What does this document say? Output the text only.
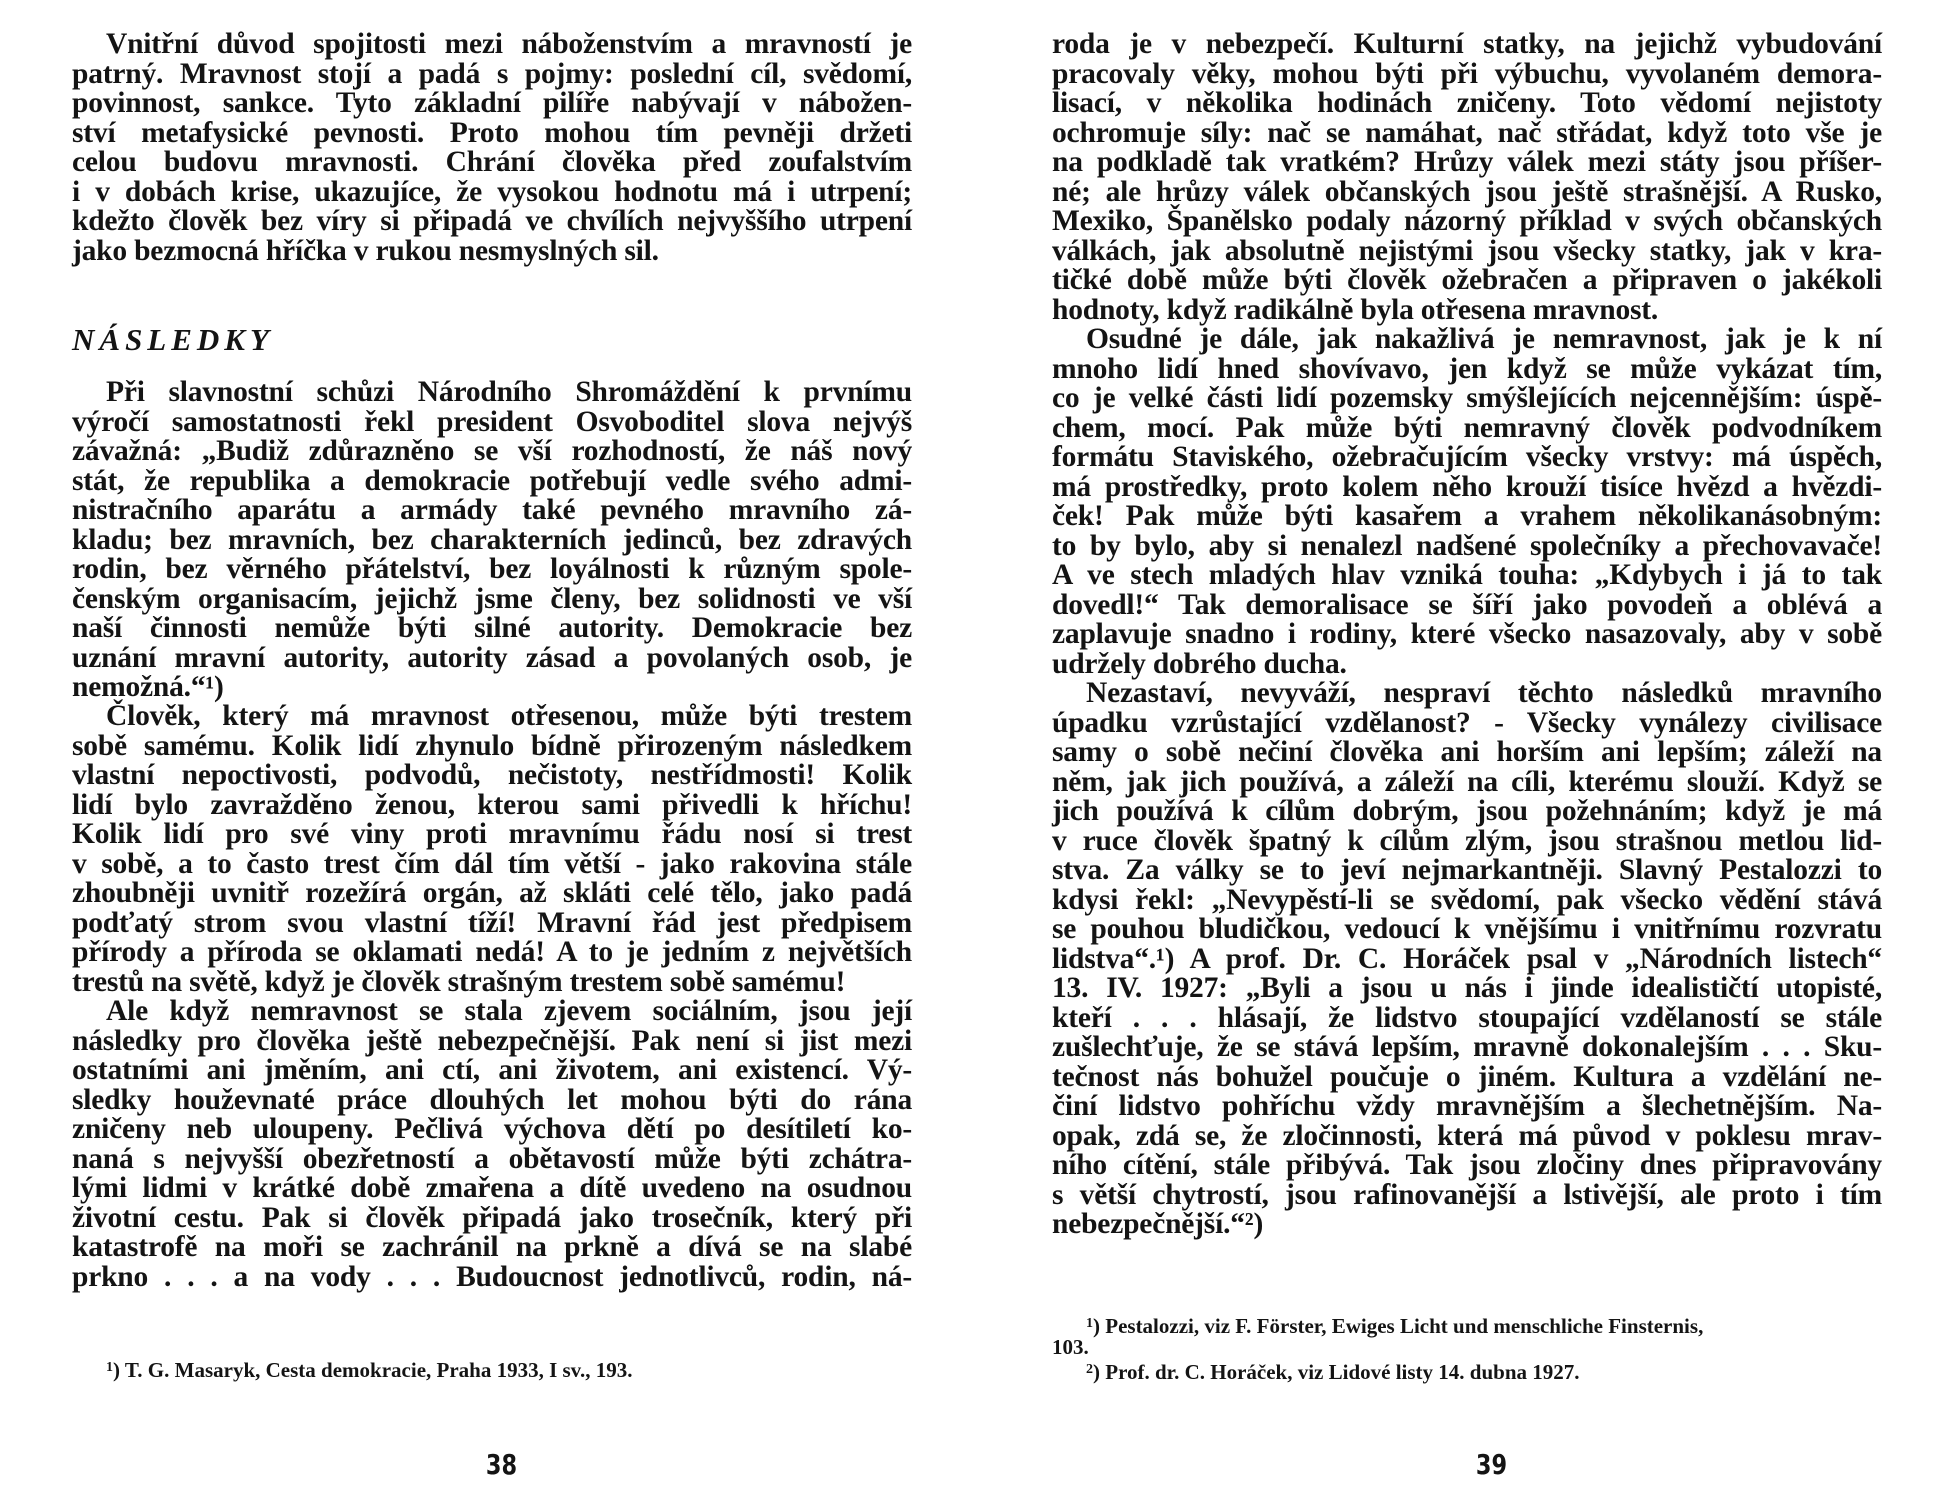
Vnitřní důvod spojitosti mezi náboženstvím a mravností je
patrný. Mravnost stojí a padá s pojmy: poslední cíl, svědomí,
povinnost, sankce. Tyto základní pilíře nabývají v nábožen-
ství metafysické pevnosti. Proto mohou tím pevněji držeti
celou budovu mravnosti. Chrání člověka před zoufalstvím
i v dobách krise, ukazujíce, že vysokou hodnotu má i utrpení;
kdežto člověk bez víry si připadá ve chvílích nejvyššího utrpení
jako bezmocná hříčka v rukou nesmyslných sil.
NÁSLEDKY
Při slavnostní schůzi Národního Shromáždění k prvnímu
výročí samostatnosti řekl president Osvoboditel slova nejvýš
závažná: „Budiž zdůrazněno se vší rozhodností, že náš nový
stát, že republika a demokracie potřebují vedle svého admi-
nistračního aparátu a armády také pevného mravního zá-
kladu; bez mravních, bez charakterních jedinců, bez zdravých
rodin, bez věrného přátelství, bez loyálnosti k různým spole-
čenským organisacím, jejichž jsme členy, bez solidnosti ve vší
naší činnosti nemůže býti silné autority. Demokracie bez
uznání mravní autority, autority zásad a povolaných osob, je
nemožná.“¹)
Člověk, který má mravnost otřesenou, může býti trestem
sobě samému. Kolik lidí zhynulo bídně přirozeným následkem
vlastní nepoctivosti, podvodů, nečistoty, nestřídmosti! Kolik
lidí bylo zavražděno ženou, kterou sami přivedli k hříchu!
Kolik lidí pro své viny proti mravnímu řádu nosí si trest
v sobě, a to často trest čím dál tím větší - jako rakovina stále
zhoubněji uvnitř rozežírá orgán, až skláti celé tělo, jako padá
podťatý strom svou vlastní tíží! Mravní řád jest předpisem
přírody a příroda se oklamati nedá! A to je jedním z největších
trestů na světě, když je člověk strašným trestem sobě samému!
Ale když nemravnost se stala zjevem sociálním, jsou její
následky pro člověka ještě nebezpečnější. Pak není si jist mezi
ostatními ani jměním, ani ctí, ani životem, ani existencí. Vý-
sledky houževnaté práce dlouhých let mohou býti do rána
zničeny neb uloupeny. Pečlivá výchova dětí po desítiletí ko-
naná s nejvyšší obezřetností a obětavostí může býti zchátra-
lými lidmi v krátké době zmařena a dítě uvedeno na osudnou
životní cestu. Pak si člověk připadá jako trosečník, který při
katastrofě na moři se zachránil na prkně a dívá se na slabé
prkno . . . a na vody . . . Budoucnost jednotlivců, rodin, ná-
$^1$) T. G. Masaryk, Cesta demokracie, Praha 1933, I sv., 193.
38
roda je v nebezpečí. Kulturní statky, na jejichž vybudování
pracovaly věky, mohou býti při výbuchu, vyvolaném demora-
lisací, v několika hodinách zničeny. Toto vědomí nejistoty
ochromuje síly: nač se namáhat, nač střádat, když toto vše je
na podkladě tak vratkém? Hrůzy válek mezi státy jsou příšer-
né; ale hrůzy válek občanských jsou ještě strašnější. A Rusko,
Mexiko, Španělsko podaly názorný příklad v svých občanských
válkách, jak absolutně nejistými jsou všecky statky, jak v kra-
tičké době může býti člověk ožebračen a připraven o jakékoli
hodnoty, když radikálně byla otřesena mravnost.
Osudné je dále, jak nakažlivá je nemravnost, jak je k ní
mnoho lidí hned shovívavo, jen když se může vykázat tím,
co je velké části lidí pozemsky smýšlejících nejcennějším: úspě-
chem, mocí. Pak může býti nemravný člověk podvodníkem
formátu Staviského, ožebračujícím všecky vrstvy: má úspěch,
má prostředky, proto kolem něho krouží tisíce hvězd a hvězdi-
ček! Pak může býti kasařem a vrahem několikanásobným:
to by bylo, aby si nenalezl nadšené společníky a přechovavače!
A ve stech mladých hlav vzniká touha: „Kdybych i já to tak
dovedl!“ Tak demoralisace se šíří jako povodeň a oblévá a
zaplavuje snadno i rodiny, které všecko nasazovaly, aby v sobě
udržely dobrého ducha.
Nezastaví, nevyváží, nespraví těchto následků mravního
úpadku vzrůstající vzdělanost? - Všecky vynálezy civilisace
samy o sobě nečiní člověka ani horším ani lepším; záleží na
něm, jak jich používá, a záleží na cíli, kterému slouží. Když se
jich používá k cílům dobrým, jsou požehnáním; když je má
v ruce člověk špatný k cílům zlým, jsou strašnou metlou lid-
stva. Za války se to jeví nejmarkantněji. Slavný Pestalozzi to
kdysi řekl: „Nevypěstí-li se svědomí, pak všecko vědění stává
se pouhou bludičkou, vedoucí k vnějšímu i vnitřnímu rozvratu
lidstva“.¹) A prof. Dr. C. Horáček psal v „Národních listech“
13. IV. 1927: „Byli a jsou u nás i jinde idealističtí utopisté,
kteří . . . hlásají, že lidstvo stoupající vzdělaností se stále
zušlechťuje, že se stává lepším, mravně dokonalejším . . . Sku-
tečnost nás bohužel poučuje o jiném. Kultura a vzdělání ne-
činí lidstvo pohříchu vždy mravnějším a šlechetnějším. Na-
opak, zdá se, že zločinnosti, která má původ v poklesu mrav-
ního cítění, stále přibývá. Tak jsou zločiny dnes připravovány
s větší chytrostí, jsou rafinovanější a lstivější, ale proto i tím
nebezpečnější.“²)
$^1$) Pestalozzi, viz F. Förster, Ewiges Licht und menschliche Finsternis,
103.
$^2$) Prof. dr. C. Horáček, viz Lidové listy 14. dubna 1927.
39
